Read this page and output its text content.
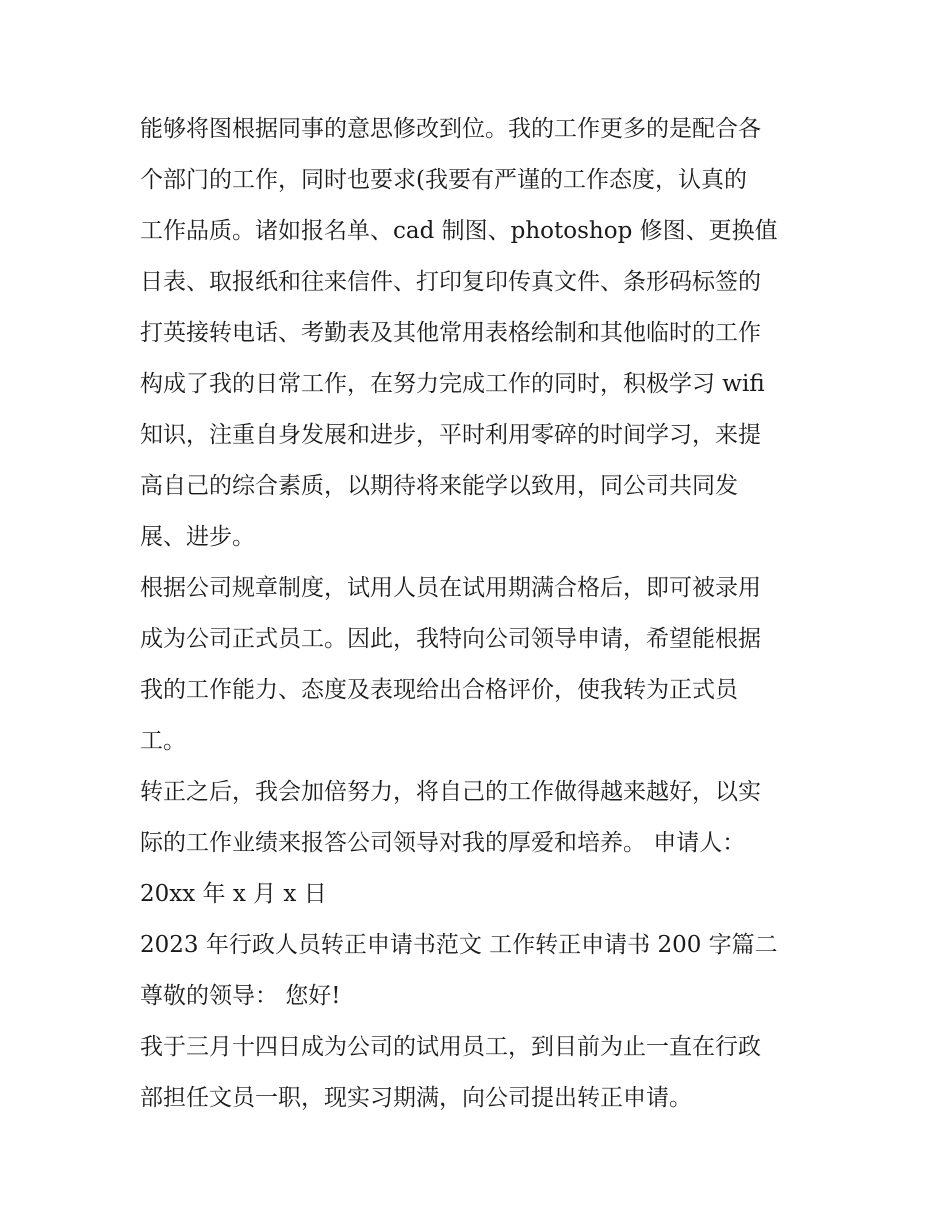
能够将图根据同事的意思修改到位。我的工作更多的是配合各
个部门的工作，同时也要求(我要有严谨的工作态度，认真的
工作品质。诸如报名单、cad 制图、photoshop 修图、更换值
日表、取报纸和往来信件、打印复印传真文件、条形码标签的
打英接转电话、考勤表及其他常用表格绘制和其他临时的工作
构成了我的日常工作，在努力完成工作的同时，积极学习 wifi
知识，注重自身发展和进步，平时利用零碎的时间学习，来提
高自己的综合素质，以期待将来能学以致用，同公司共同发
展、进步。
根据公司规章制度，试用人员在试用期满合格后，即可被录用
成为公司正式员工。因此，我特向公司领导申请，希望能根据
我的工作能力、态度及表现给出合格评价，使我转为正式员
工。
转正之后，我会加倍努力，将自己的工作做得越来越好，以实
际的工作业绩来报答公司领导对我的厚爱和培养。 申请人：
20xx 年 x 月 x 日
2023 年行政人员转正申请书范文 工作转正申请书 200 字篇二
尊敬的领导： 您好!
我于三月十四日成为公司的试用员工，到目前为止一直在行政
部担任文员一职，现实习期满，向公司提出转正申请。
